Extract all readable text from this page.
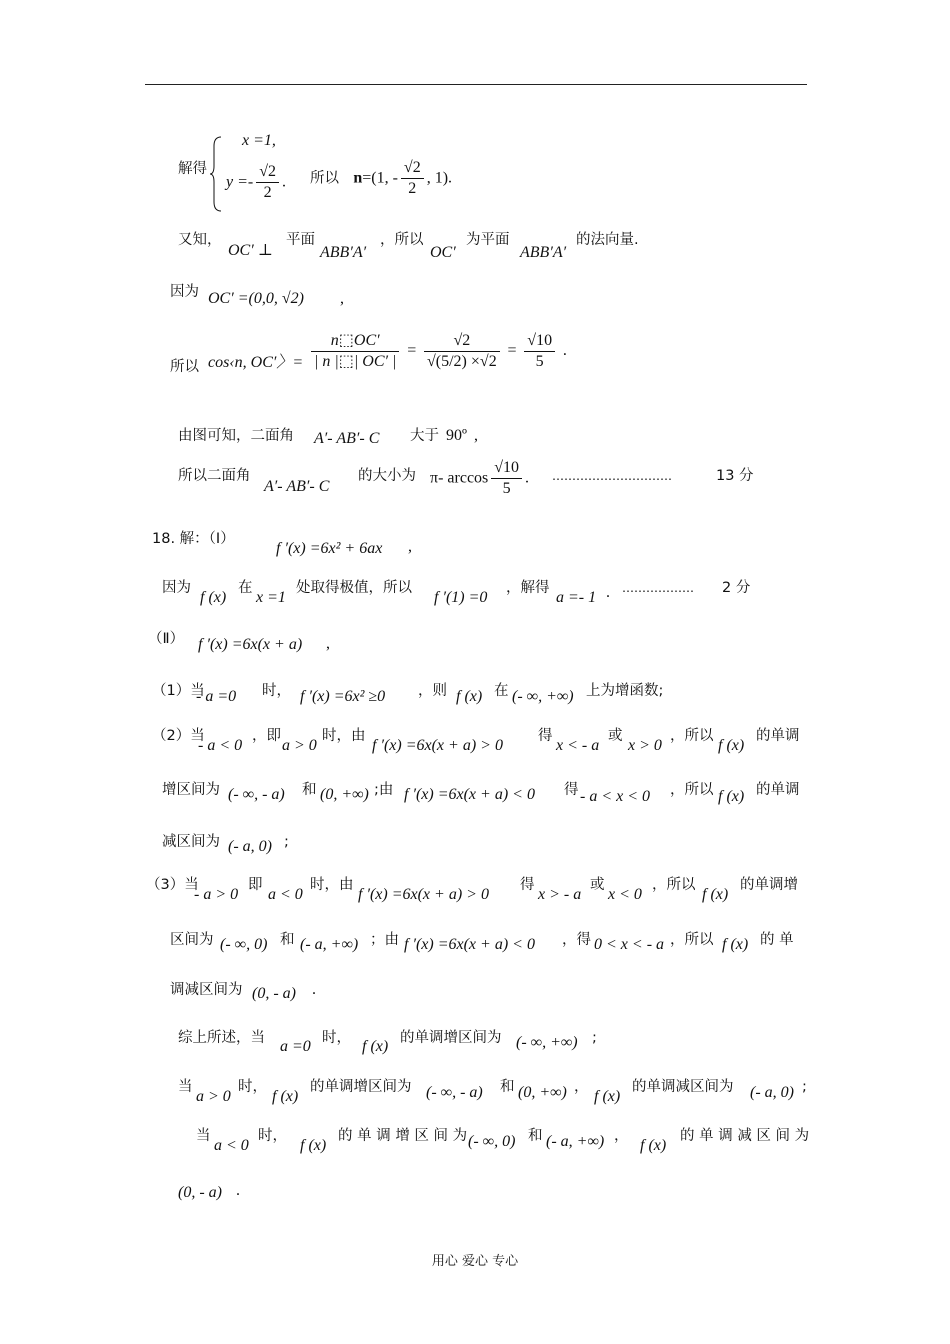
解得
x =1,
$y =- \frac{√2}{2}$ . 所以 n=(1, - $\frac{√2}{2}$ , 1).
又知，
OC′ ⊥
平面
ABB′A′
，所以
OC′
为平面
ABB′A′
的法向量.
因为 OC′ =(0,0, √2) ,
所以 cos‹n, OC′〉= $\frac{n⬚OC'}{| n |⬚| OC' |} = \frac{√2}{√(5/2) \times√2} = \frac{√10}{5}$ .
由图可知，二面角 A′- AB′- C 大于 90º ,
所以二面角
A′- AB′- C
的大小为 π- $\arccos \frac{√10}{5}$ . …………………………	13 分
18. 解：（Ⅰ）
f ′(x) =6x² + 6ax ,
因为
f (x)
在
x =1
处取得极值，所以
f ′(1) =0
，解得
a =- 1 . ……………… 2 分
（Ⅱ） f ′(x) =6x(x + a) ,
（1）当
- a =0 时， f ′(x) =6x² ≥0 ，则 f (x) 在 (- ∞, +∞) 上为增函数;
（2）当
- a < 0
，即
a > 0
时，由
f ′(x) =6x(x + a) > 0
得
x < - a
或
x > 0
，所以
f (x)
的单调
增区间为 (- ∞, - a) 和 (0, +∞) ;由 f ′(x) =6x(x + a) < 0 得 - a < x < 0 ，所以 f (x) 的单调
减区间为 (- a, 0) ;
（3）当
- a > 0
即
a < 0
时，由
f ′(x) =6x(x + a) > 0
得
x > - a
或
x < 0
，所以
f (x)
的单调增
区间为 (- ∞, 0) 和 (- a, +∞) ；由 f ′(x) =6x(x + a) < 0 ，得 0 < x < - a ，所以 f (x) 的 单
调减区间为 (0, - a) .
综上所述，当 a =0 时， f (x) 的单调增区间为 (- ∞, +∞) ;
当
a > 0
时，
f (x)
的单调增区间为 (- ∞, - a) 和 (0, +∞) ，
f (x)
的单调减区间为 (- a, 0) ;
当
a < 0
时，
f (x)
的 单 调 增 区 间 为 (- ∞, 0) 和 (- a, +∞) ，
f (x)
的 单 调 减 区 间 为
(0, - a) .
用心 爱心 专心
